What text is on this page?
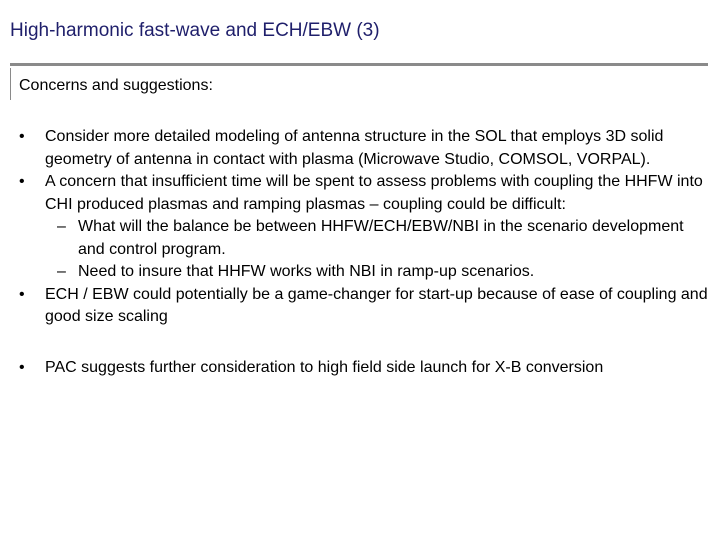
High-harmonic fast-wave and ECH/EBW (3)
Concerns and suggestions:
•	Consider more detailed modeling of antenna structure in the SOL that employs 3D solid geometry of antenna in contact with plasma (Microwave Studio, COMSOL, VORPAL).
•	A concern that insufficient time will be spent to assess problems with coupling the HHFW into CHI produced plasmas and ramping plasmas – coupling could be difficult:
– What will the balance be between HHFW/ECH/EBW/NBI in the scenario development and control program.
– Need to insure that HHFW works with NBI in ramp-up scenarios.
•	ECH / EBW could potentially be a game-changer for start-up because of ease of coupling and good size scaling
•	PAC suggests further consideration to high field side launch for X-B conversion
